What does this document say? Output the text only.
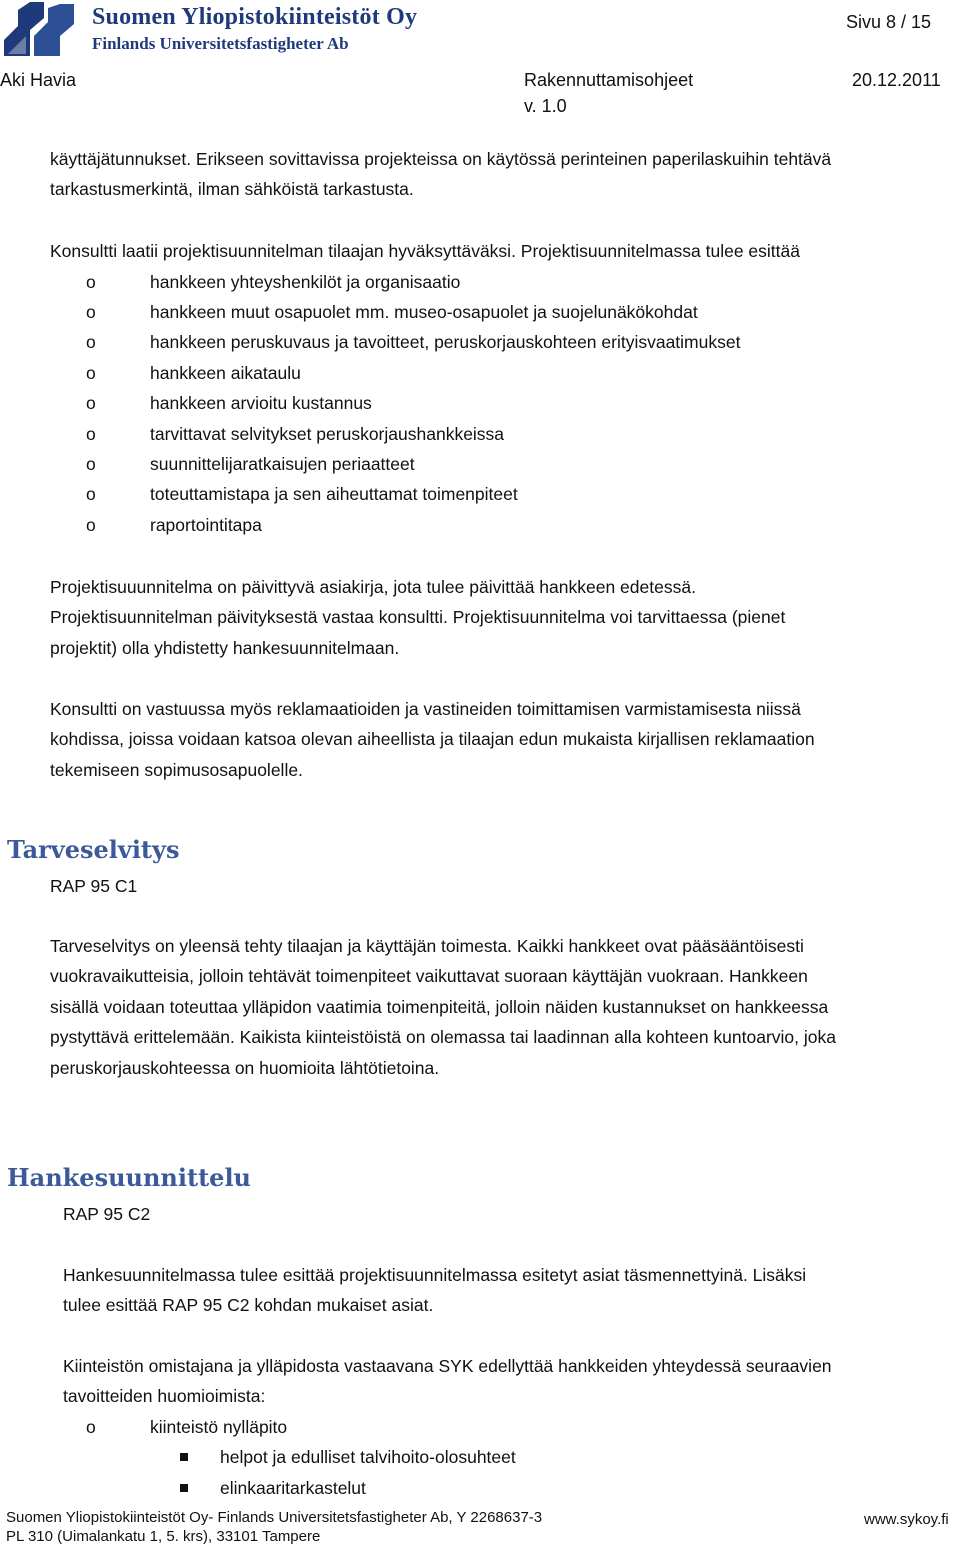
Suomen Yliopistokiinteistöt Oy
Finlands Universitetsfastigheter Ab
Sivu 8 / 15
Aki Havia	Rakennuttamisohjeet	20.12.2011
v. 1.0
käyttäjätunnukset. Erikseen sovittavissa projekteissa on käytössä perinteinen paperilaskuihin tehtävä
tarkastusmerkintä, ilman sähköistä tarkastusta.
Konsultti laatii projektisuunnitelman tilaajan hyväksyttäväksi. Projektisuunnitelmassa tulee esittää
o	hankkeen yhteyshenkilöt ja organisaatio
o	hankkeen muut osapuolet mm. museo-osapuolet ja suojelunäkökohdat
o	hankkeen peruskuvaus ja tavoitteet, peruskorjauskohteen erityisvaatimukset
o	hankkeen aikataulu
o	hankkeen arvioitu kustannus
o	tarvittavat selvitykset peruskorjaushankkeissa
o	suunnittelijaratkaisujen periaatteet
o	toteuttamistapa ja sen aiheuttamat toimenpiteet
o	raportointitapa
Projektisuuunnitelma on päivittyvä asiakirja, jota tulee päivittää hankkeen edetessä.
Projektisuunnitelman päivityksestä vastaa konsultti. Projektisuunnitelma voi tarvittaessa (pienet
projektit) olla yhdistetty hankesuunnitelmaan.
Konsultti on vastuussa myös reklamaatioiden ja vastineiden toimittamisen varmistamisesta niissä
kohdissa, joissa voidaan katsoa olevan aiheellista ja tilaajan edun mukaista kirjallisen reklamaation
tekemiseen sopimusosapuolelle.
Tarveselvitys
RAP 95 C1
Tarveselvitys on yleensä tehty tilaajan ja käyttäjän toimesta. Kaikki hankkeet ovat pääsääntöisesti
vuokravaikutteisia, jolloin tehtävät toimenpiteet vaikuttavat suoraan käyttäjän vuokraan. Hankkeen
sisällä voidaan toteuttaa ylläpidon vaatimia toimenpiteitä, jolloin näiden kustannukset on hankkeessa
pystyttävä erittelemään. Kaikista kiinteistöistä on olemassa tai laadinnan alla kohteen kuntoarvio, joka
peruskorjauskohteessa on huomioita lähtötietoina.
Hankesuunnittelu
RAP 95 C2
Hankesuunnitelmassa tulee esittää projektisuunnitelmassa esitetyt asiat täsmennettyinä. Lisäksi
tulee esittää RAP 95 C2 kohdan mukaiset asiat.
Kiinteistön omistajana ja ylläpidosta vastaavana SYK edellyttää hankkeiden yhteydessä seuraavien
tavoitteiden huomioimista:
o	kiinteistö nylläpito
helpot ja edulliset talvihoito-olosuhteet
elinkaaritarkastelut
Suomen Yliopistokiinteistöt Oy- Finlands Universitetsfastigheter Ab, Y 2268637-3
PL 310 (Uimalankatu 1, 5. krs), 33101 Tampere
www.sykoy.fi
